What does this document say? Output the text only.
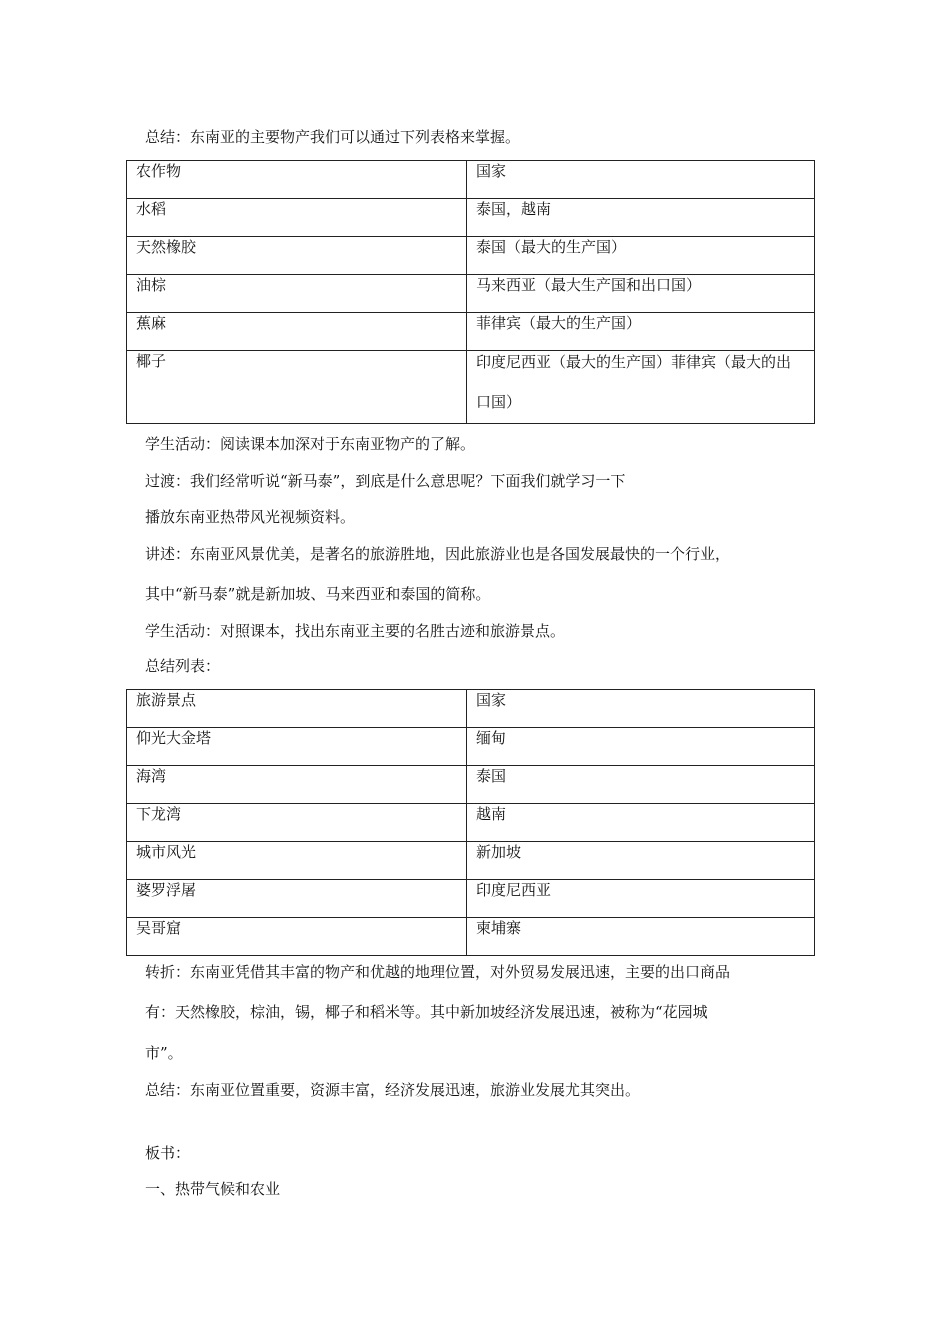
总结：东南亚的主要物产我们可以通过下列表格来掌握。
农作物	国家
水稻	泰国，越南
天然橡胶	泰国（最大的生产国）
油棕	马来西亚（最大生产国和出口国）
蕉麻	菲律宾（最大的生产国）
椰子	印度尼西亚（最大的生产国）菲律宾（最大的出口国）
学生活动：阅读课本加深对于东南亚物产的了解。
过渡：我们经常听说“新马泰”，到底是什么意思呢？下面我们就学习一下
播放东南亚热带风光视频资料。
讲述：东南亚风景优美，是著名的旅游胜地，因此旅游业也是各国发展最快的一个行业，
其中“新马泰”就是新加坡、马来西亚和泰国的简称。
学生活动：对照课本，找出东南亚主要的名胜古迹和旅游景点。
总结列表：
旅游景点	国家
仰光大金塔	缅甸
海湾	泰国
下龙湾	越南
城市风光	新加坡
婆罗浮屠	印度尼西亚
吴哥窟	柬埔寨
转折：东南亚凭借其丰富的物产和优越的地理位置，对外贸易发展迅速，主要的出口商品
有：天然橡胶，棕油，锡，椰子和稻米等。其中新加坡经济发展迅速，被称为“花园城
市”。
总结：东南亚位置重要，资源丰富，经济发展迅速，旅游业发展尤其突出。
板书：
一、热带气候和农业
